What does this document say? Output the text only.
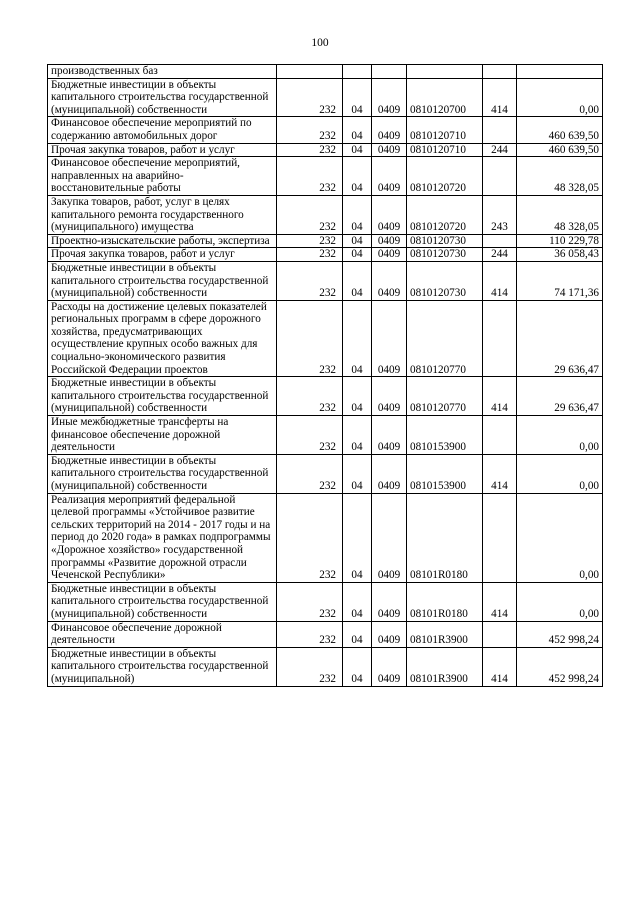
100
производственных баз						
Бюджетные инвестиции в объекты капитального строительства государственной (муниципальной) собственности	232	04	0409	0810120700	414	0,00
Финансовое обеспечение мероприятий по содержанию автомобильных дорог	232	04	0409	0810120710		460 639,50
Прочая закупка товаров, работ и услуг	232	04	0409	0810120710	244	460 639,50
Финансовое обеспечение мероприятий, направленных на аварийно-восстановительные работы	232	04	0409	0810120720		48 328,05
Закупка товаров, работ, услуг в целях капитального ремонта государственного (муниципального) имущества	232	04	0409	0810120720	243	48 328,05
Проектно-изыскательские работы, экспертиза	232	04	0409	0810120730		110 229,78
Прочая закупка товаров, работ и услуг	232	04	0409	0810120730	244	36 058,43
Бюджетные инвестиции в объекты капитального строительства государственной (муниципальной) собственности	232	04	0409	0810120730	414	74 171,36
Расходы на достижение целевых показателей региональных программ в сфере дорожного хозяйства, предусматривающих осуществление крупных особо важных для социально-экономического развития Российской Федерации проектов	232	04	0409	0810120770		29 636,47
Бюджетные инвестиции в объекты капитального строительства государственной (муниципальной) собственности	232	04	0409	0810120770	414	29 636,47
Иные межбюджетные трансферты на финансовое обеспечение дорожной деятельности	232	04	0409	0810153900		0,00
Бюджетные инвестиции в объекты капитального строительства государственной (муниципальной) собственности	232	04	0409	0810153900	414	0,00
Реализация мероприятий федеральной целевой программы «Устойчивое развитие сельских территорий на 2014 - 2017 годы и на период до 2020 года» в рамках подпрограммы «Дорожное хозяйство» государственной программы «Развитие дорожной отрасли Чеченской Республики»	232	04	0409	08101R0180		0,00
Бюджетные инвестиции в объекты капитального строительства государственной (муниципальной) собственности	232	04	0409	08101R0180	414	0,00
Финансовое обеспечение дорожной деятельности	232	04	0409	08101R3900		452 998,24
Бюджетные инвестиции в объекты капитального строительства государственной (муниципальной)	232	04	0409	08101R3900	414	452 998,24
